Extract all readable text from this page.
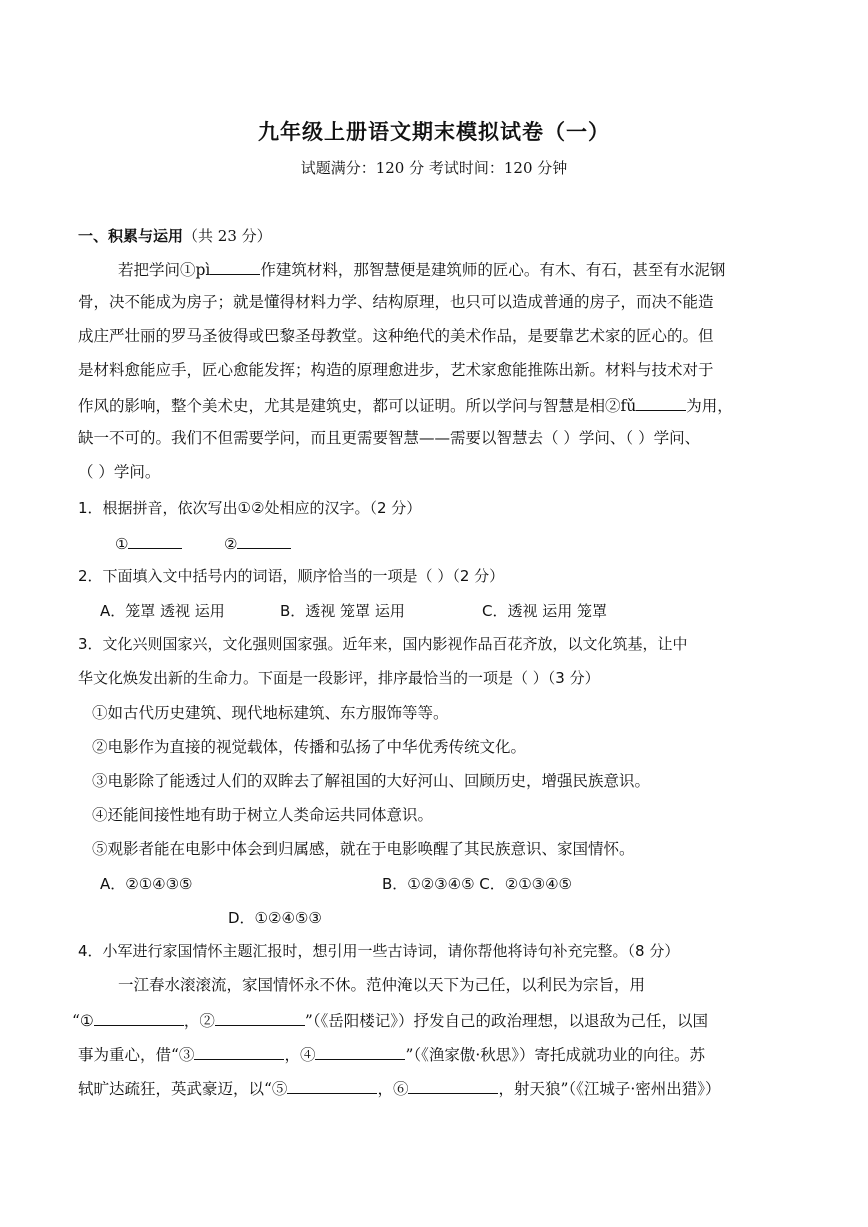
九年级上册语文期末模拟试卷（一）
试题满分：120 分 考试时间：120 分钟
一、积累与运用（共 23 分）
若把学问①pì	作建筑材料，那智慧便是建筑师的匠心。有木、有石，甚至有水泥钢
骨，决不能成为房子；就是懂得材料力学、结构原理，也只可以造成普通的房子，而决不能造
成庄严壮丽的罗马圣彼得或巴黎圣母教堂。这种绝代的美术作品，是要靠艺术家的匠心的。但
是材料愈能应手，匠心愈能发挥；构造的原理愈进步，艺术家愈能推陈出新。材料与技术对于
作风的影响，整个美术史，尤其是建筑史，都可以证明。所以学问与智慧是相②fǔ	为用，
缺一不可的。我们不但需要学问，而且更需要智慧——需要以智慧去（ ）学问、（ ）学问、
（ ）学问。
1．根据拼音，依次写出①②处相应的汉字。（2 分）
①	②
2．下面填入文中括号内的词语，顺序恰当的一项是（ ）（2 分）
A．笼罩 透视 运用	B．透视 笼罩 运用	C．透视 运用 笼罩
3．文化兴则国家兴，文化强则国家强。近年来，国内影视作品百花齐放，以文化筑基，让中
华文化焕发出新的生命力。下面是一段影评，排序最恰当的一项是（ ）（3 分）
①如古代历史建筑、现代地标建筑、东方服饰等等。
②电影作为直接的视觉载体，传播和弘扬了中华优秀传统文化。
③电影除了能透过人们的双眸去了解祖国的大好河山、回顾历史，增强民族意识。
④还能间接性地有助于树立人类命运共同体意识。
⑤观影者能在电影中体会到归属感，就在于电影唤醒了其民族意识、家国情怀。
A．②①④③⑤	B．①②③④⑤ C．②①③④⑤
D．①②④⑤③
4．小军进行家国情怀主题汇报时，想引用一些古诗词，请你帮他将诗句补充完整。（8 分）
一江春水滚滚流，家国情怀永不休。范仲淹以天下为己任，以利民为宗旨，用
“①	，②	”（《岳阳楼记》）抒发自己的政治理想，以退敌为己任，以国
事为重心，借“③	，④	”（《渔家傲·秋思》）寄托成就功业的向往。苏
轼旷达疏狂，英武豪迈，以“⑤	，⑥	，射天狼”（《江城子·密州出猎》）
